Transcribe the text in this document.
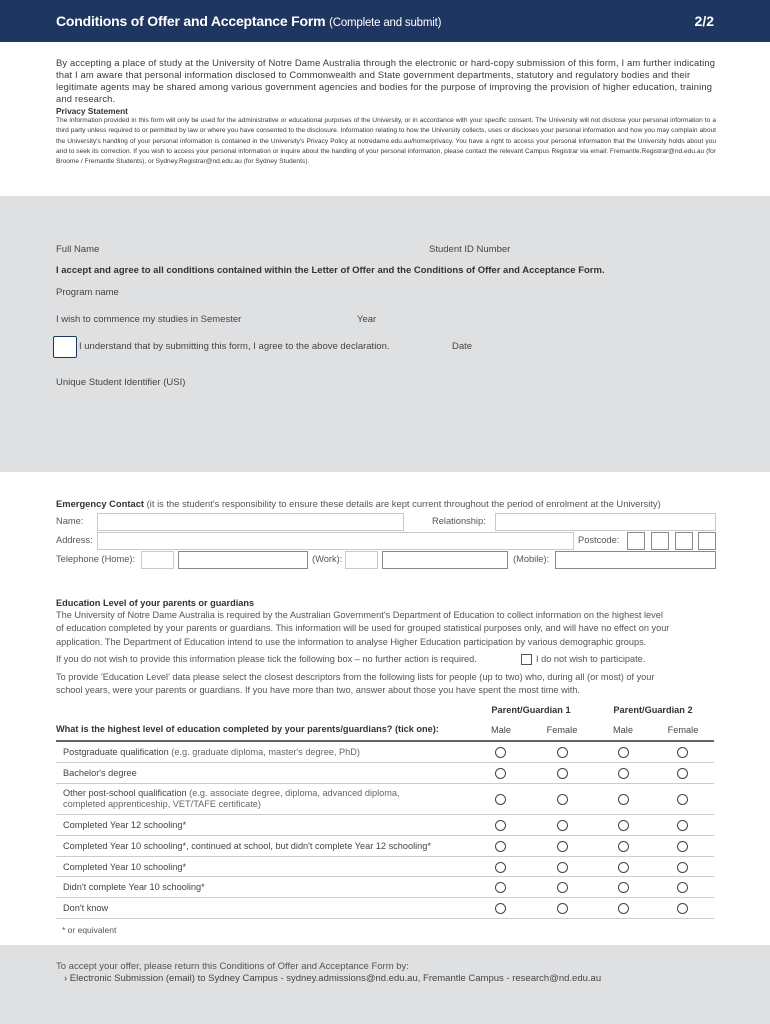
Conditions of Offer and Acceptance Form (Complete and submit)	2/2
By accepting a place of study at the University of Notre Dame Australia through the electronic or hard-copy submission of this form, I am further indicating that I am aware that personal information disclosed to Commonwealth and State government departments, statutory and regulatory bodies and their legitimate agents may be shared among various government agencies and bodies for the purpose of improving the provision of higher education, training and research.
Privacy Statement
The information provided in this form will only be used for the administrative or educational purposes of the University, or in accordance with your specific consent. The University will not disclose your personal information to a third party unless required to or permitted by law or where you have consented to the disclosure. Information relating to how the University collects, uses or discloses your personal information and how you may complain about the University's handling of your personal information is contained in the University's Privacy Policy at notredame.edu.au/home/privacy. You have a right to access your personal information that the University holds about you and to seek its correction. If you wish to access your personal information or inquire about the handling of your personal information, please contact the relevant Campus Registrar via email: Fremantle.Registrar@nd.edu.au (for Broome / Fremantle Students), or Sydney.Registrar@nd.edu.au (for Sydney Students).
Full Name	Student ID Number
I accept and agree to all conditions contained within the Letter of Offer and the Conditions of Offer and Acceptance Form.
Program name
I wish to commence my studies in Semester	Year
I understand that by submitting this form, I agree to the above declaration.	Date
Unique Student Identifier (USI)
Emergency Contact (it is the student's responsibility to ensure these details are kept current throughout the period of enrolment at the University)
Name:	Relationship:
Address:	Postcode:
Telephone (Home):	(Work):	(Mobile):
Education Level of your parents or guardians
The University of Notre Dame Australia is required by the Australian Government's Department of Education to collect information on the highest level
of education completed by your parents or guardians. This information will be used for grouped statistical purposes only, and will have no effect on your
application. The Department of Education intend to use the information to analyse Higher Education participation by various demographic groups.
If you do not wish to provide this information please tick the following box – no further action is required.	I do not wish to participate.
To provide 'Education Level' data please select the closest descriptors from the following lists for people (up to two) who, during all (or most) of your
school years, were your parents or guardians. If you have more than two, answer about those you have spent the most time with.
Parent/Guardian 1	Parent/Guardian 2
What is the highest level of education completed by your parents/guardians? (tick one):	Male	Female	Male	Female
Postgraduate qualification (e.g. graduate diploma, master's degree, PhD)
Bachelor's degree
Other post-school qualification (e.g. associate degree, diploma, advanced diploma,
completed apprenticeship, VET/TAFE certificate)
Completed Year 12 schooling*
Completed Year 10 schooling*, continued at school, but didn't complete Year 12 schooling*
Completed Year 10 schooling*
Didn't complete Year 10 schooling*
Don't know
* or equivalent
To accept your offer, please return this Conditions of Offer and Acceptance Form by:
› Electronic Submission (email) to Sydney Campus - sydney.admissions@nd.edu.au, Fremantle Campus - research@nd.edu.au
